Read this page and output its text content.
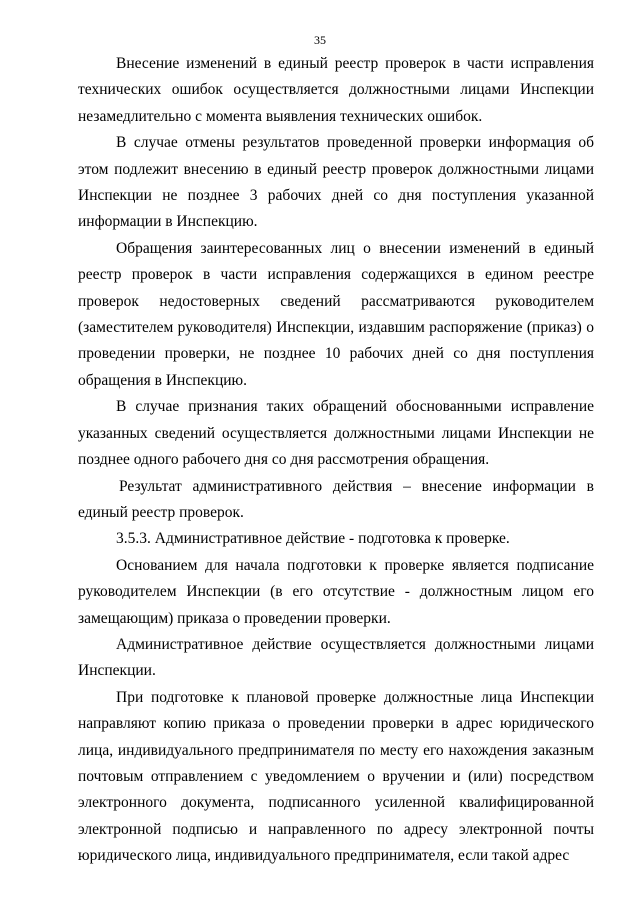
35

Внесение изменений в единый реестр проверок в части исправления технических ошибок осуществляется должностными лицами Инспекции незамедлительно с момента выявления технических ошибок.

В случае отмены результатов проведенной проверки информация об этом подлежит внесению в единый реестр проверок должностными лицами Инспекции не позднее 3 рабочих дней со дня поступления указанной информации в Инспекцию.

Обращения заинтересованных лиц о внесении изменений в единый реестр проверок в части исправления содержащихся в едином реестре проверок недостоверных сведений рассматриваются руководителем (заместителем руководителя) Инспекции, издавшим распоряжение (приказ) о проведении проверки, не позднее 10 рабочих дней со дня поступления обращения в Инспекцию.

В случае признания таких обращений обоснованными исправление указанных сведений осуществляется должностными лицами Инспекции не позднее одного рабочего дня со дня рассмотрения обращения.

Результат административного действия – внесение информации в единый реестр проверок.

3.5.3. Административное действие - подготовка к проверке.

Основанием для начала подготовки к проверке является подписание руководителем Инспекции (в его отсутствие - должностным лицом его замещающим) приказа о проведении проверки.

Административное действие осуществляется должностными лицами Инспекции.

При подготовке к плановой проверке должностные лица Инспекции направляют копию приказа о проведении проверки в адрес юридического лица, индивидуального предпринимателя по месту его нахождения заказным почтовым отправлением с уведомлением о вручении и (или) посредством электронного документа, подписанного усиленной квалифицированной электронной подписью и направленного по адресу электронной почты юридического лица, индивидуального предпринимателя, если такой адрес
